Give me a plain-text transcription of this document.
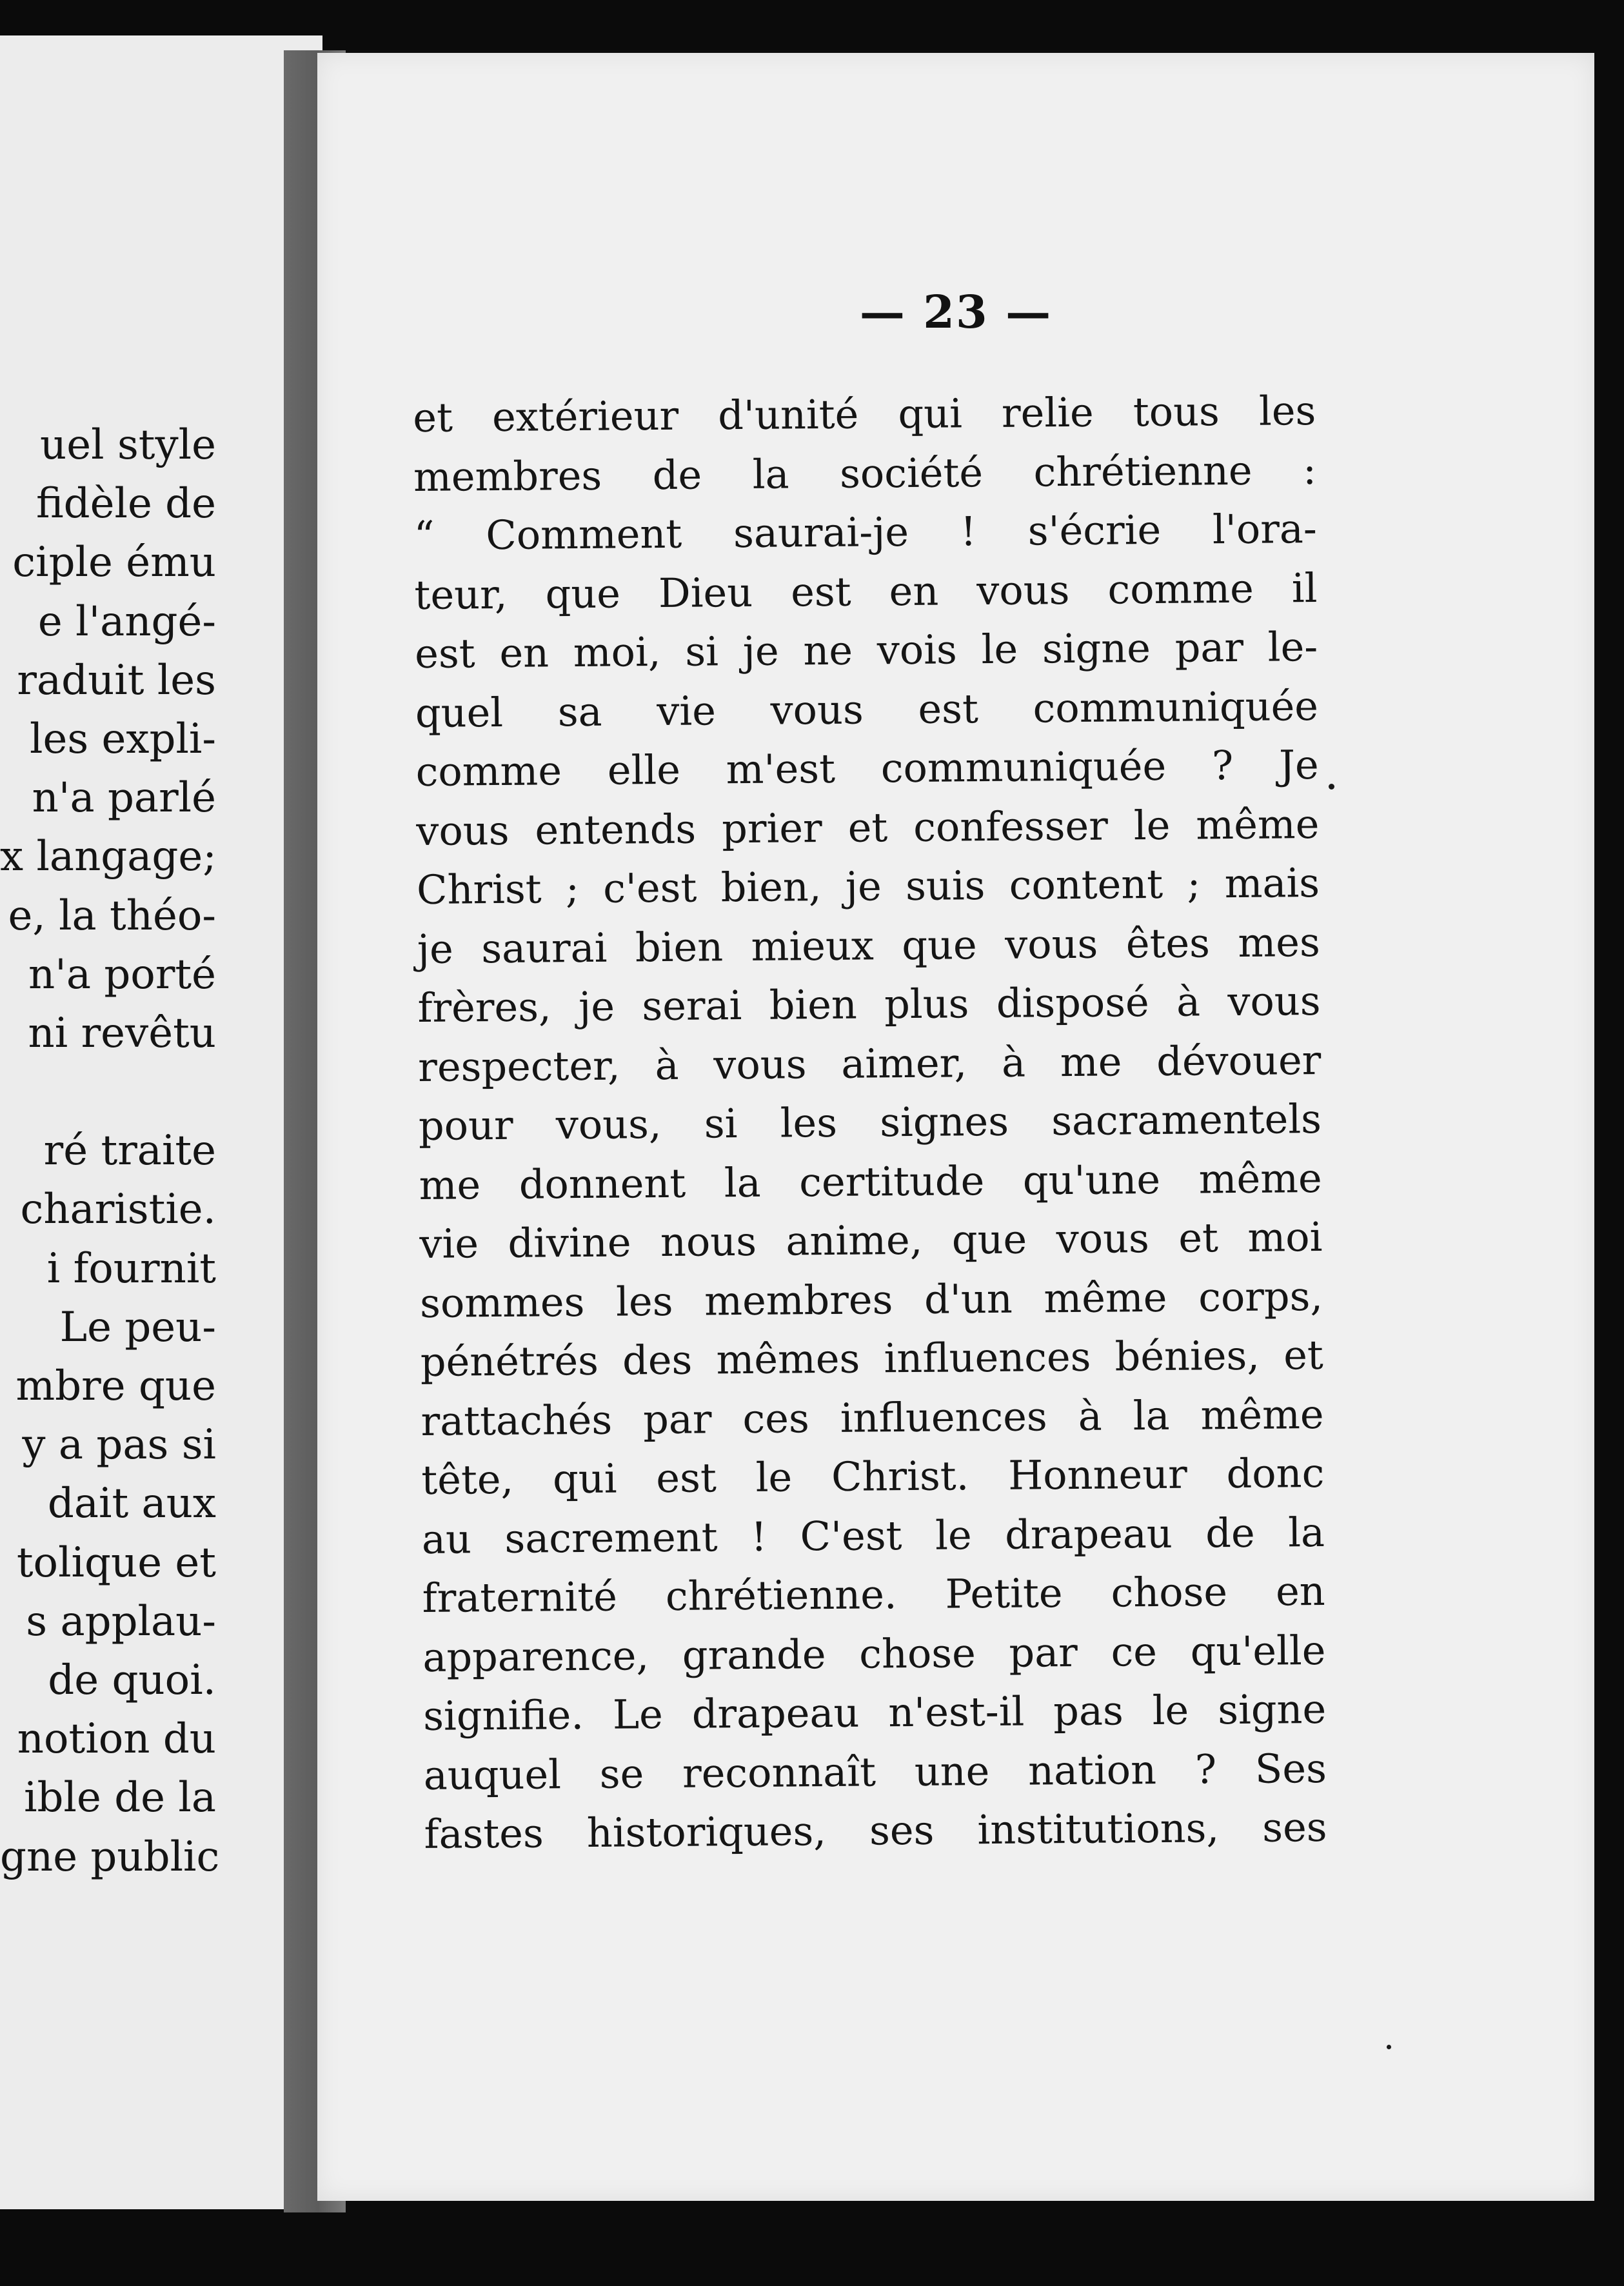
uel style
fidèle de
ciple ému
e l'angé-
raduit les
les expli-
n'a parlé
x langage;
e, la théo-
n'a porté
ni revêtu
ré traite
charistie.
i fournit
Le peu-
mbre que
y a pas si
dait aux
tolique et
s applau-
de quoi.
notion du
ible de la
gne public
— 23 —
et extérieur d'unité qui relie tous les
membres de la société chrétienne :
“ Comment saurai-je ! s'écrie l'ora-
teur, que Dieu est en vous comme il
est en moi, si je ne vois le signe par le-
quel sa vie vous est communiquée
comme elle m'est communiquée ? Je
vous entends prier et confesser le même
Christ ; c'est bien, je suis content ; mais
je saurai bien mieux que vous êtes mes
frères, je serai bien plus disposé à vous
respecter, à vous aimer, à me dévouer
pour vous, si les signes sacramentels
me donnent la certitude qu'une même
vie divine nous anime, que vous et moi
sommes les membres d'un même corps,
pénétrés des mêmes influences bénies, et
rattachés par ces influences à la même
tête, qui est le Christ. Honneur donc
au sacrement ! C'est le drapeau de la
fraternité chrétienne. Petite chose en
apparence, grande chose par ce qu'elle
signifie. Le drapeau n'est-il pas le signe
auquel se reconnaît une nation ? Ses
fastes historiques, ses institutions, ses
